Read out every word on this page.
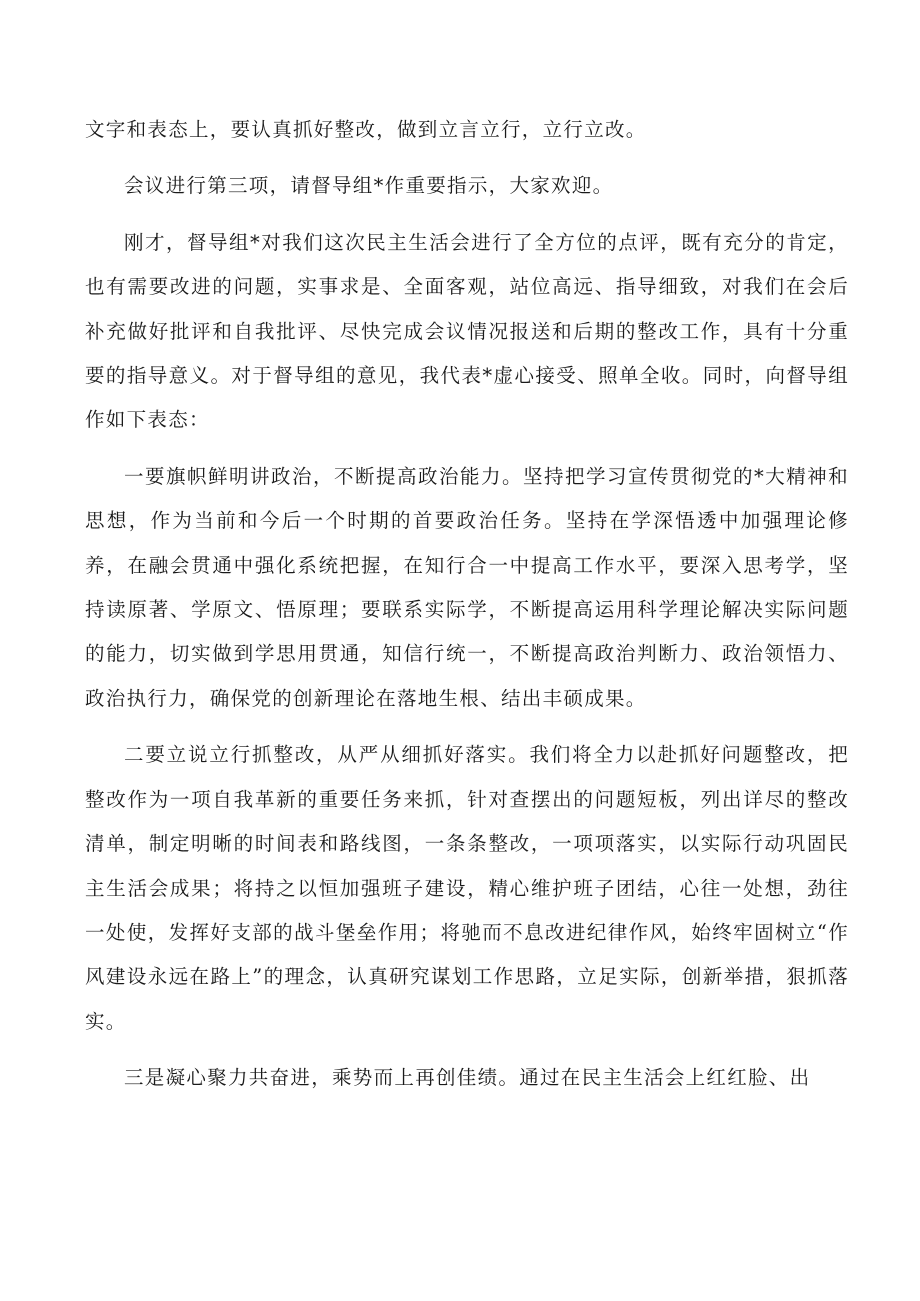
文字和表态上，要认真抓好整改，做到立言立行，立行立改。

会议进行第三项，请督导组*作重要指示，大家欢迎。

刚才，督导组*对我们这次民主生活会进行了全方位的点评，既有充分的肯定，也有需要改进的问题，实事求是、全面客观，站位高远、指导细致，对我们在会后补充做好批评和自我批评、尽快完成会议情况报送和后期的整改工作，具有十分重要的指导意义。对于督导组的意见，我代表*虚心接受、照单全收。同时，向督导组作如下表态：

一要旗帜鲜明讲政治，不断提高政治能力。坚持把学习宣传贯彻党的*大精神和思想，作为当前和今后一个时期的首要政治任务。坚持在学深悟透中加强理论修养，在融会贯通中强化系统把握，在知行合一中提高工作水平，要深入思考学，坚持读原著、学原文、悟原理；要联系实际学，不断提高运用科学理论解决实际问题的能力，切实做到学思用贯通，知信行统一，不断提高政治判断力、政治领悟力、政治执行力，确保党的创新理论在落地生根、结出丰硕成果。

二要立说立行抓整改，从严从细抓好落实。我们将全力以赴抓好问题整改，把整改作为一项自我革新的重要任务来抓，针对查摆出的问题短板，列出详尽的整改清单，制定明晰的时间表和路线图，一条条整改，一项项落实，以实际行动巩固民主生活会成果；将持之以恒加强班子建设，精心维护班子团结，心往一处想，劲往一处使，发挥好支部的战斗堡垒作用；将驰而不息改进纪律作风，始终牢固树立“作风建设永远在路上”的理念，认真研究谋划工作思路，立足实际，创新举措，狠抓落实。

三是凝心聚力共奋进，乘势而上再创佳绩。通过在民主生活会上红红脸、出
